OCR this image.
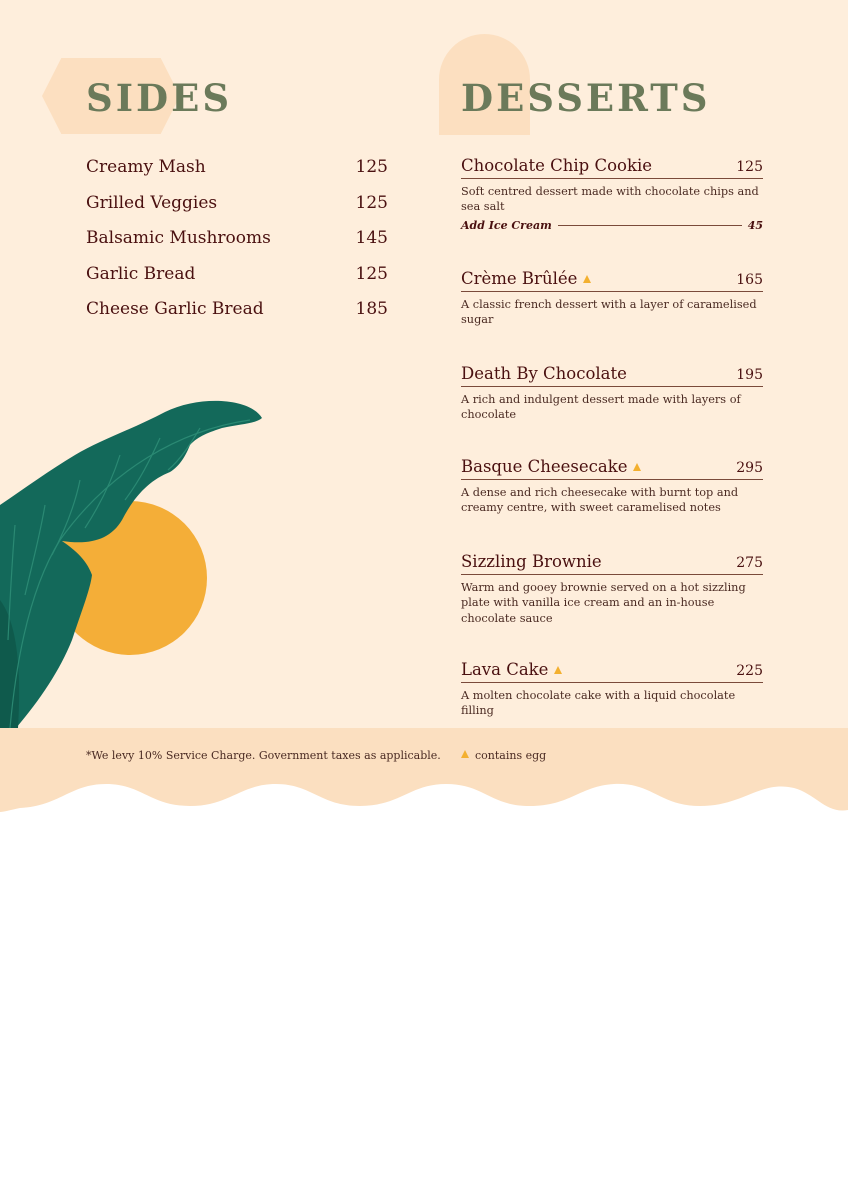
SIDES	DESSERTS
Creamy Mash	125
Grilled Veggies	125
Balsamic Mushrooms	145
Garlic Bread	125
Cheese Garlic Bread	185
Chocolate Chip Cookie	125

Soft centred dessert made with chocolate chips and sea salt

Add Ice Cream	45
Crème Brûlée	165

A classic french dessert with a layer of caramelised sugar

Death By Chocolate	195

A rich and indulgent dessert made with layers of chocolate

Basque Cheesecake	295

A dense and rich cheesecake with burnt top and creamy centre, with sweet caramelised notes

Sizzling Brownie	275

Warm and gooey brownie served on a hot sizzling plate with vanilla ice cream and an in-house chocolate sauce

Lava Cake	225

A molten chocolate cake with a liquid chocolate filling

*We levy 10% Service Charge. Government taxes as applicable.	contains egg
